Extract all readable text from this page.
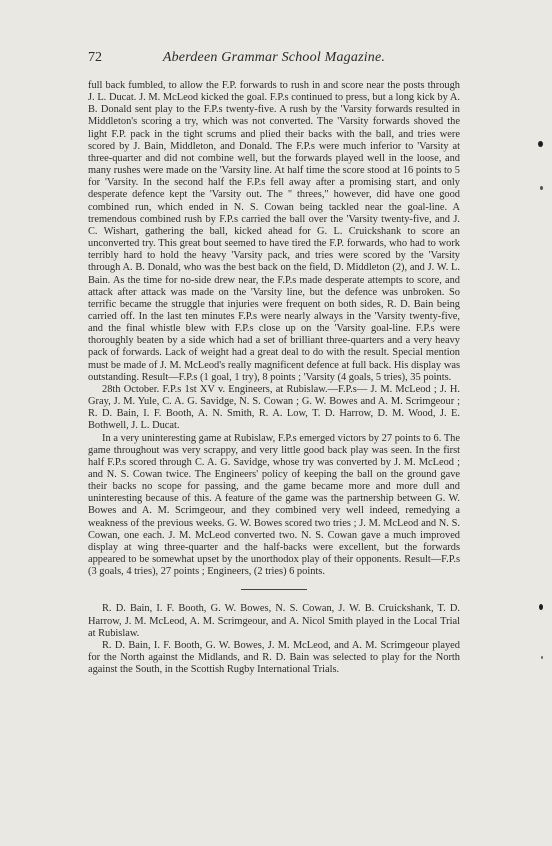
72	Aberdeen Grammar School Magazine.

full back fumbled, to allow the F.P. forwards to rush in and score near the posts through J. L. Ducat. J. M. McLeod kicked the goal. F.P.s continued to press, but a long kick by A. B. Donald sent play to the F.P.s twenty-five. A rush by the 'Varsity forwards resulted in Middleton's scoring a try, which was not converted. The 'Varsity forwards shoved the light F.P. pack in the tight scrums and plied their backs with the ball, and tries were scored by J. Bain, Middleton, and Donald. The F.P.s were much inferior to 'Varsity at three-quarter and did not combine well, but the forwards played well in the loose, and many rushes were made on the 'Varsity line. At half time the score stood at 16 points to 5 for 'Varsity. In the second half the F.P.s fell away after a promising start, and only desperate defence kept the 'Varsity out. The " threes," however, did have one good combined run, which ended in N. S. Cowan being tackled near the goal-line. A tremendous combined rush by F.P.s carried the ball over the 'Varsity twenty-five, and J. C. Wishart, gathering the ball, kicked ahead for G. L. Cruickshank to score an unconverted try. This great bout seemed to have tired the F.P. forwards, who had to work terribly hard to hold the heavy 'Varsity pack, and tries were scored by the 'Varsity through A. B. Donald, who was the best back on the field, D. Middleton (2), and J. W. L. Bain. As the time for no-side drew near, the F.P.s made desperate attempts to score, and attack after attack was made on the 'Varsity line, but the defence was unbroken. So terrific became the struggle that injuries were frequent on both sides, R. D. Bain being carried off. In the last ten minutes F.P.s were nearly always in the 'Varsity twenty-five, and the final whistle blew with F.P.s close up on the 'Varsity goal-line. F.P.s were thoroughly beaten by a side which had a set of brilliant three-quarters and a very heavy pack of forwards. Lack of weight had a great deal to do with the result. Special mention must be made of J. M. McLeod's really magnificent defence at full back. His display was outstanding. Result—F.P.s (1 goal, 1 try), 8 points ; 'Varsity (4 goals, 5 tries), 35 points.

28th October. F.P.s 1st XV v. Engineers, at Rubislaw.—F.P.s— J. M. McLeod ; J. H. Gray, J. M. Yule, C. A. G. Savidge, N. S. Cowan ; G. W. Bowes and A. M. Scrimgeour ; R. D. Bain, I. F. Booth, A. N. Smith, R. A. Low, T. D. Harrow, D. M. Wood, J. E. Bothwell, J. L. Ducat.

In a very uninteresting game at Rubislaw, F.P.s emerged victors by 27 points to 6. The game throughout was very scrappy, and very little good back play was seen. In the first half F.P.s scored through C. A. G. Savidge, whose try was converted by J. M. McLeod ; and N. S. Cowan twice. The Engineers' policy of keeping the ball on the ground gave their backs no scope for passing, and the game became more and more dull and uninteresting because of this. A feature of the game was the partnership between G. W. Bowes and A. M. Scrimgeour, and they combined very well indeed, remedying a weakness of the previous weeks. G. W. Bowes scored two tries ; J. M. McLeod and N. S. Cowan, one each. J. M. McLeod converted two. N. S. Cowan gave a much improved display at wing three-quarter and the half-backs were excellent, but the forwards appeared to be somewhat upset by the unorthodox play of their opponents. Result—F.P.s (3 goals, 4 tries), 27 points ; Engineers, (2 tries) 6 points.

R. D. Bain, I. F. Booth, G. W. Bowes, N. S. Cowan, J. W. B. Cruickshank, T. D. Harrow, J. M. McLeod, A. M. Scrimgeour, and A. Nicol Smith played in the Local Trial at Rubislaw.

R. D. Bain, I. F. Booth, G. W. Bowes, J. M. McLeod, and A. M. Scrimgeour played for the North against the Midlands, and R. D. Bain was selected to play for the North against the South, in the Scottish Rugby International Trials.
